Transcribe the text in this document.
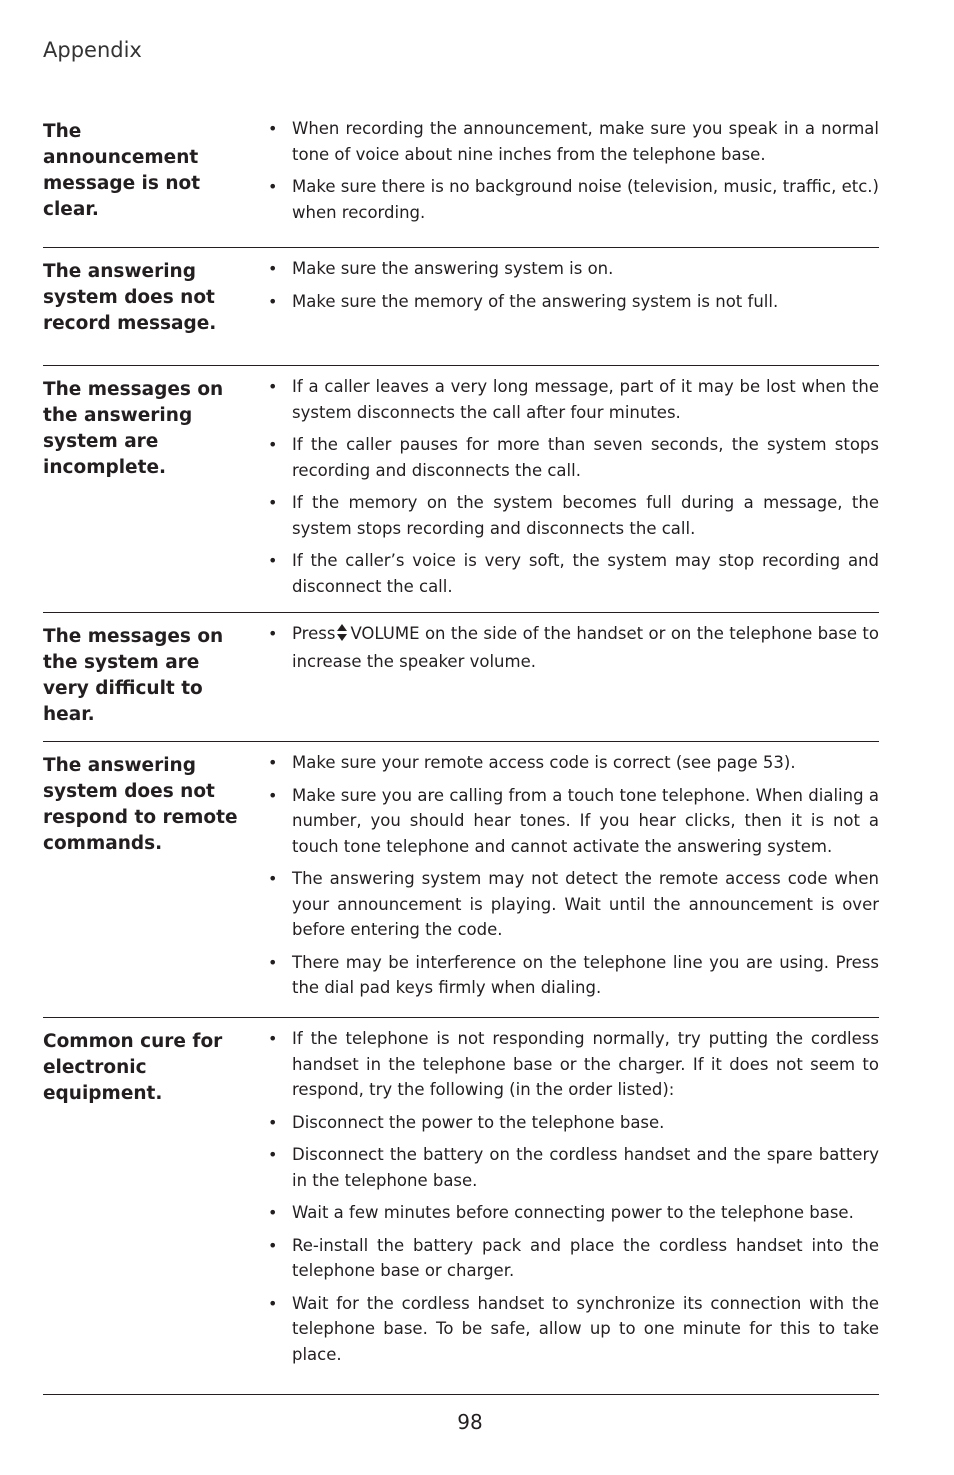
Appendix
The announcement message is not clear.
• When recording the announcement, make sure you speak in a normal tone of voice about nine inches from the telephone base.
• Make sure there is no background noise (television, music, traffic, etc.) when recording.
The answering system does not record message.
• Make sure the answering system is on.
• Make sure the memory of the answering system is not full.
The messages on the answering system are incomplete.
• If a caller leaves a very long message, part of it may be lost when the system disconnects the call after four minutes.
• If the caller pauses for more than seven seconds, the system stops recording and disconnects the call.
• If the memory on the system becomes full during a message, the system stops recording and disconnects the call.
• If the caller’s voice is very soft, the system may stop recording and disconnect the call.
The messages on the system are very difficult to hear.
• Press VOLUME on the side of the handset or on the telephone base to increase the speaker volume.
The answering system does not respond to remote commands.
• Make sure your remote access code is correct (see page 53).
• Make sure you are calling from a touch tone telephone. When dialing a number, you should hear tones. If you hear clicks, then it is not a touch tone telephone and cannot activate the answering system.
• The answering system may not detect the remote access code when your announcement is playing. Wait until the announcement is over before entering the code.
• There may be interference on the telephone line you are using. Press the dial pad keys firmly when dialing.
Common cure for electronic equipment.
• If the telephone is not responding normally, try putting the cordless handset in the telephone base or the charger. If it does not seem to respond, try the following (in the order listed):
• Disconnect the power to the telephone base.
• Disconnect the battery on the cordless handset and the spare battery in the telephone base.
• Wait a few minutes before connecting power to the telephone base.
• Re-install the battery pack and place the cordless handset into the telephone base or charger.
• Wait for the cordless handset to synchronize its connection with the telephone base. To be safe, allow up to one minute for this to take place.
98
